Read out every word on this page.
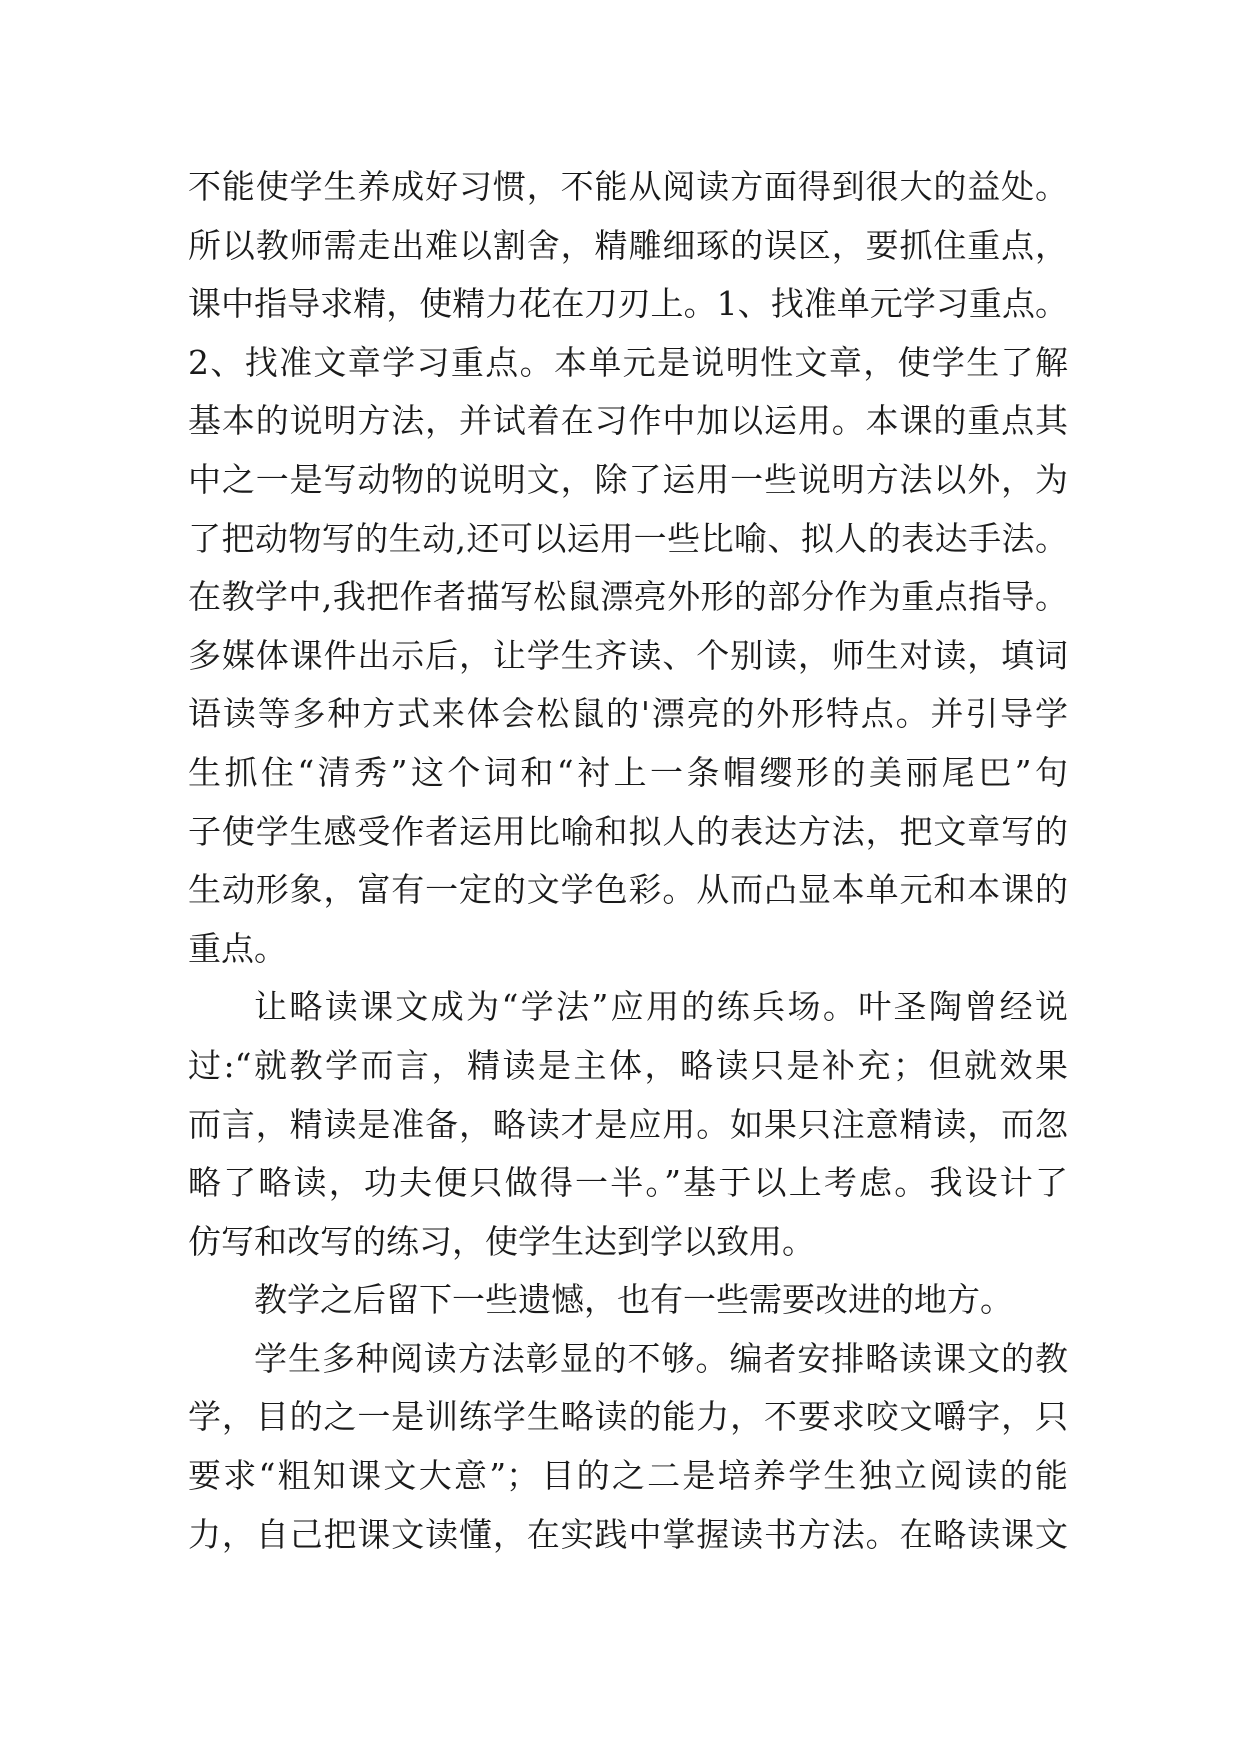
不能使学生养成好习惯，不能从阅读方面得到很大的益处。
所以教师需走出难以割舍，精雕细琢的误区，要抓住重点，
课中指导求精，使精力花在刀刃上。1、找准单元学习重点。
2、找准文章学习重点。本单元是说明性文章，使学生了解
基本的说明方法，并试着在习作中加以运用。本课的重点其
中之一是写动物的说明文，除了运用一些说明方法以外，为
了把动物写的生动,还可以运用一些比喻、拟人的表达手法。
在教学中,我把作者描写松鼠漂亮外形的部分作为重点指导。
多媒体课件出示后，让学生齐读、个别读，师生对读，填词
语读等多种方式来体会松鼠的'漂亮的外形特点。并引导学
生抓住“清秀”这个词和“衬上一条帽缨形的美丽尾巴”句
子使学生感受作者运用比喻和拟人的表达方法，把文章写的
生动形象，富有一定的文学色彩。从而凸显本单元和本课的
重点。
让略读课文成为“学法”应用的练兵场。叶圣陶曾经说
过:“就教学而言，精读是主体，略读只是补充；但就效果
而言，精读是准备，略读才是应用。如果只注意精读，而忽
略了略读，功夫便只做得一半。”基于以上考虑。我设计了
仿写和改写的练习，使学生达到学以致用。
教学之后留下一些遗憾，也有一些需要改进的地方。
学生多种阅读方法彰显的不够。编者安排略读课文的教
学，目的之一是训练学生略读的能力，不要求咬文嚼字，只
要求“粗知课文大意”；目的之二是培养学生独立阅读的能
力，自己把课文读懂，在实践中掌握读书方法。在略读课文
